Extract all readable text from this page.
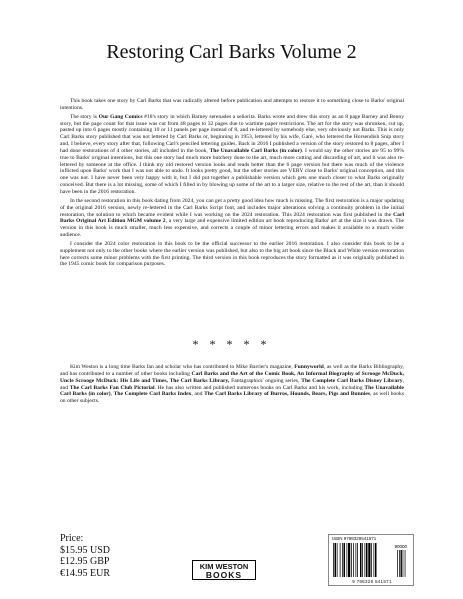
Restoring Carl Barks Volume 2

This book takes one story by Carl Barks that was radically altered before publication and attempts to restore it to something close to Barks' original intentions.

The story is Our Gang Comics #18's story in which Barney serenades a señorita. Barks wrote and drew this story as an 8 page Barney and Benny story, but the page count for that issue was cut from 48 pages to 32 pages due to wartime paper restrictions. The art for the story was shrunken, cut up, pasted up into 6 pages mostly containing 10 or 11 panels per page instead of 8, and re-lettered by somebody else, very obviously not Barks. This is only Carl Barks story published that was not lettered by Carl Barks or, beginning in 1953, lettered by his wife, Garé, who lettered the Horsendish Snip story and, I believe, every story after that, following Carl's penciled lettering guides. Back in 2016 I published a version of the story restored to 8 pages, after I had done restorations of 4 other stories, all included in the book, The Unavailable Carl Barks (in color). I would say the other stories are 95 to 99% true to Barks' original intentions, but this one story had much more butchery done to the art, much more cutting and discarding of art, and it was also re-lettered by someone at the office. I think my old restored version looks and reads better than the 6 page version but there was much of the violence inflicted upon Barks' work that I was not able to undo. It looks pretty good, but the other stories are VERY close to Barks' original conception, and this one was not. I have never been very happy with it, but I did put together a publishable version which gets one much closer to what Barks originally conceived. But there is a lot missing, some of which I filled in by blowing up some of the art to a larger size, relative to the rest of the art, than it should have been in the 2016 restoration.

In the second restoration in this book dating from 2024, you can get a pretty good idea how much is missing. The first restoration is a major updating of the original 2016 version, newly re-lettered in the Carl Barks Script font, and includes major alterations solving a continuity problem in the initial restoration, the solution to which became evident while I was working on the 2024 restoration. This 2024 restoration was first published in the Carl Barks Original Art Edition MGM volume 2, a very large and expensive limited edition art book reproducing Barks' art at the size it was drawn. The version in this book is much smaller, much less expensive, and corrects a couple of minor lettering errors and makes it available to a much wider audience.

I consider the 2024 color restoration in this book to be the official successor to the earlier 2016 restoration. I also consider this book to be a supplement not only to the other books where the earlier version was published, but also to the big art book since the Black and White version restoration here corrects some minor problems with the first printing. The third version in this book reproduces the story formatted as it was originally published in the 1945 comic book for comparison purposes.

* * * * *

Kim Weston is a long time Barks fan and scholar who has contributed to Mike Barrier's magazine, Funnyworld, as well as the Barks Bibliography, and has contributed to a number of other books including Carl Barks and the Art of the Comic Book, An Informal Biography of Scrooge McDuck, Uncle Scrooge McDuck: His Life and Times, The Carl Barks Library, Fantagraphics' ongoing series, The Complete Carl Barks Disney Library, and The Carl Barks Fan Club Pictorial. He has also written and published numerous books on Carl Barks and his work, including The Unavailable Carl Barks (in color), The Complete Carl Barks Index, and The Carl Barks Library of Burros, Hounds, Bears, Pigs and Bunnies, as well books on other subjects.

Price:
$15.95 USD
£12.95 GBP
€14.95 EUR
KIM WESTON
BOOKS
ISBN 9798329541571
90000
9 798329 541571
